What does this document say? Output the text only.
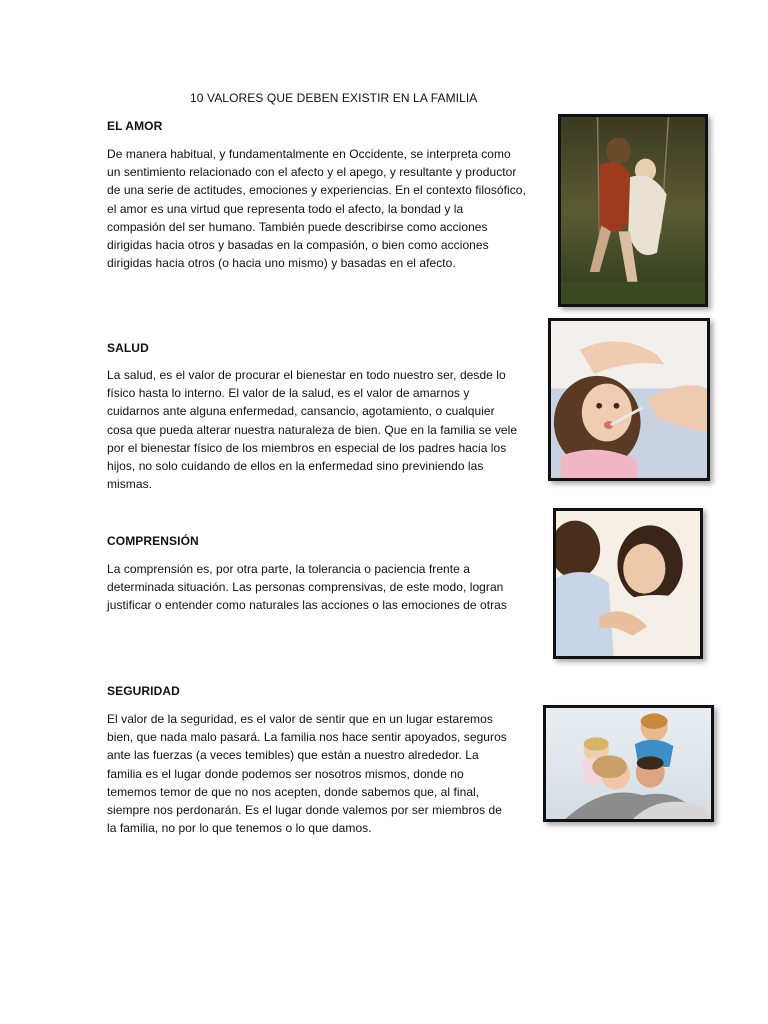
10 VALORES QUE DEBEN EXISTIR EN LA FAMILIA
EL AMOR
De manera habitual, y fundamentalmente en Occidente, se interpreta como
un sentimiento relacionado con el afecto y el apego, y resultante y productor
de una serie de actitudes, emociones y experiencias. En el contexto filosófico,
el amor es una virtud que representa todo el afecto, la bondad y la
compasión del ser humano. También puede describirse como acciones
dirigidas hacia otros y basadas en la compasión, o bien como acciones
dirigidas hacia otros (o hacia uno mismo) y basadas en el afecto.
SALUD
La salud, es el valor de procurar el bienestar en todo nuestro ser, desde lo
físico hasta lo interno. El valor de la salud, es el valor de amarnos y
cuidarnos ante alguna enfermedad, cansancio, agotamiento, o cualquier
cosa que pueda alterar nuestra naturaleza de bien. Que en la familia se vele
por el bienestar físico de los miembros en especial de los padres hacia los
hijos, no solo cuidando de ellos en la enfermedad sino previniendo las
mismas.
COMPRENSIÓN
La comprensión es, por otra parte, la tolerancia o paciencia frente a
determinada situación. Las personas comprensivas, de este modo, logran
justificar o entender como naturales las acciones o las emociones de otras
SEGURIDAD
El valor de la seguridad, es el valor de sentir que en un lugar estaremos
bien, que nada malo pasará. La familia nos hace sentir apoyados, seguros
ante las fuerzas (a veces temibles) que están a nuestro alrededor. La
familia es el lugar donde podemos ser nosotros mismos, donde no
tememos temor de que no nos acepten, donde sabemos que, al final,
siempre nos perdonarán. Es el lugar donde valemos por ser miembros de
la familia, no por lo que tenemos o lo que damos.
